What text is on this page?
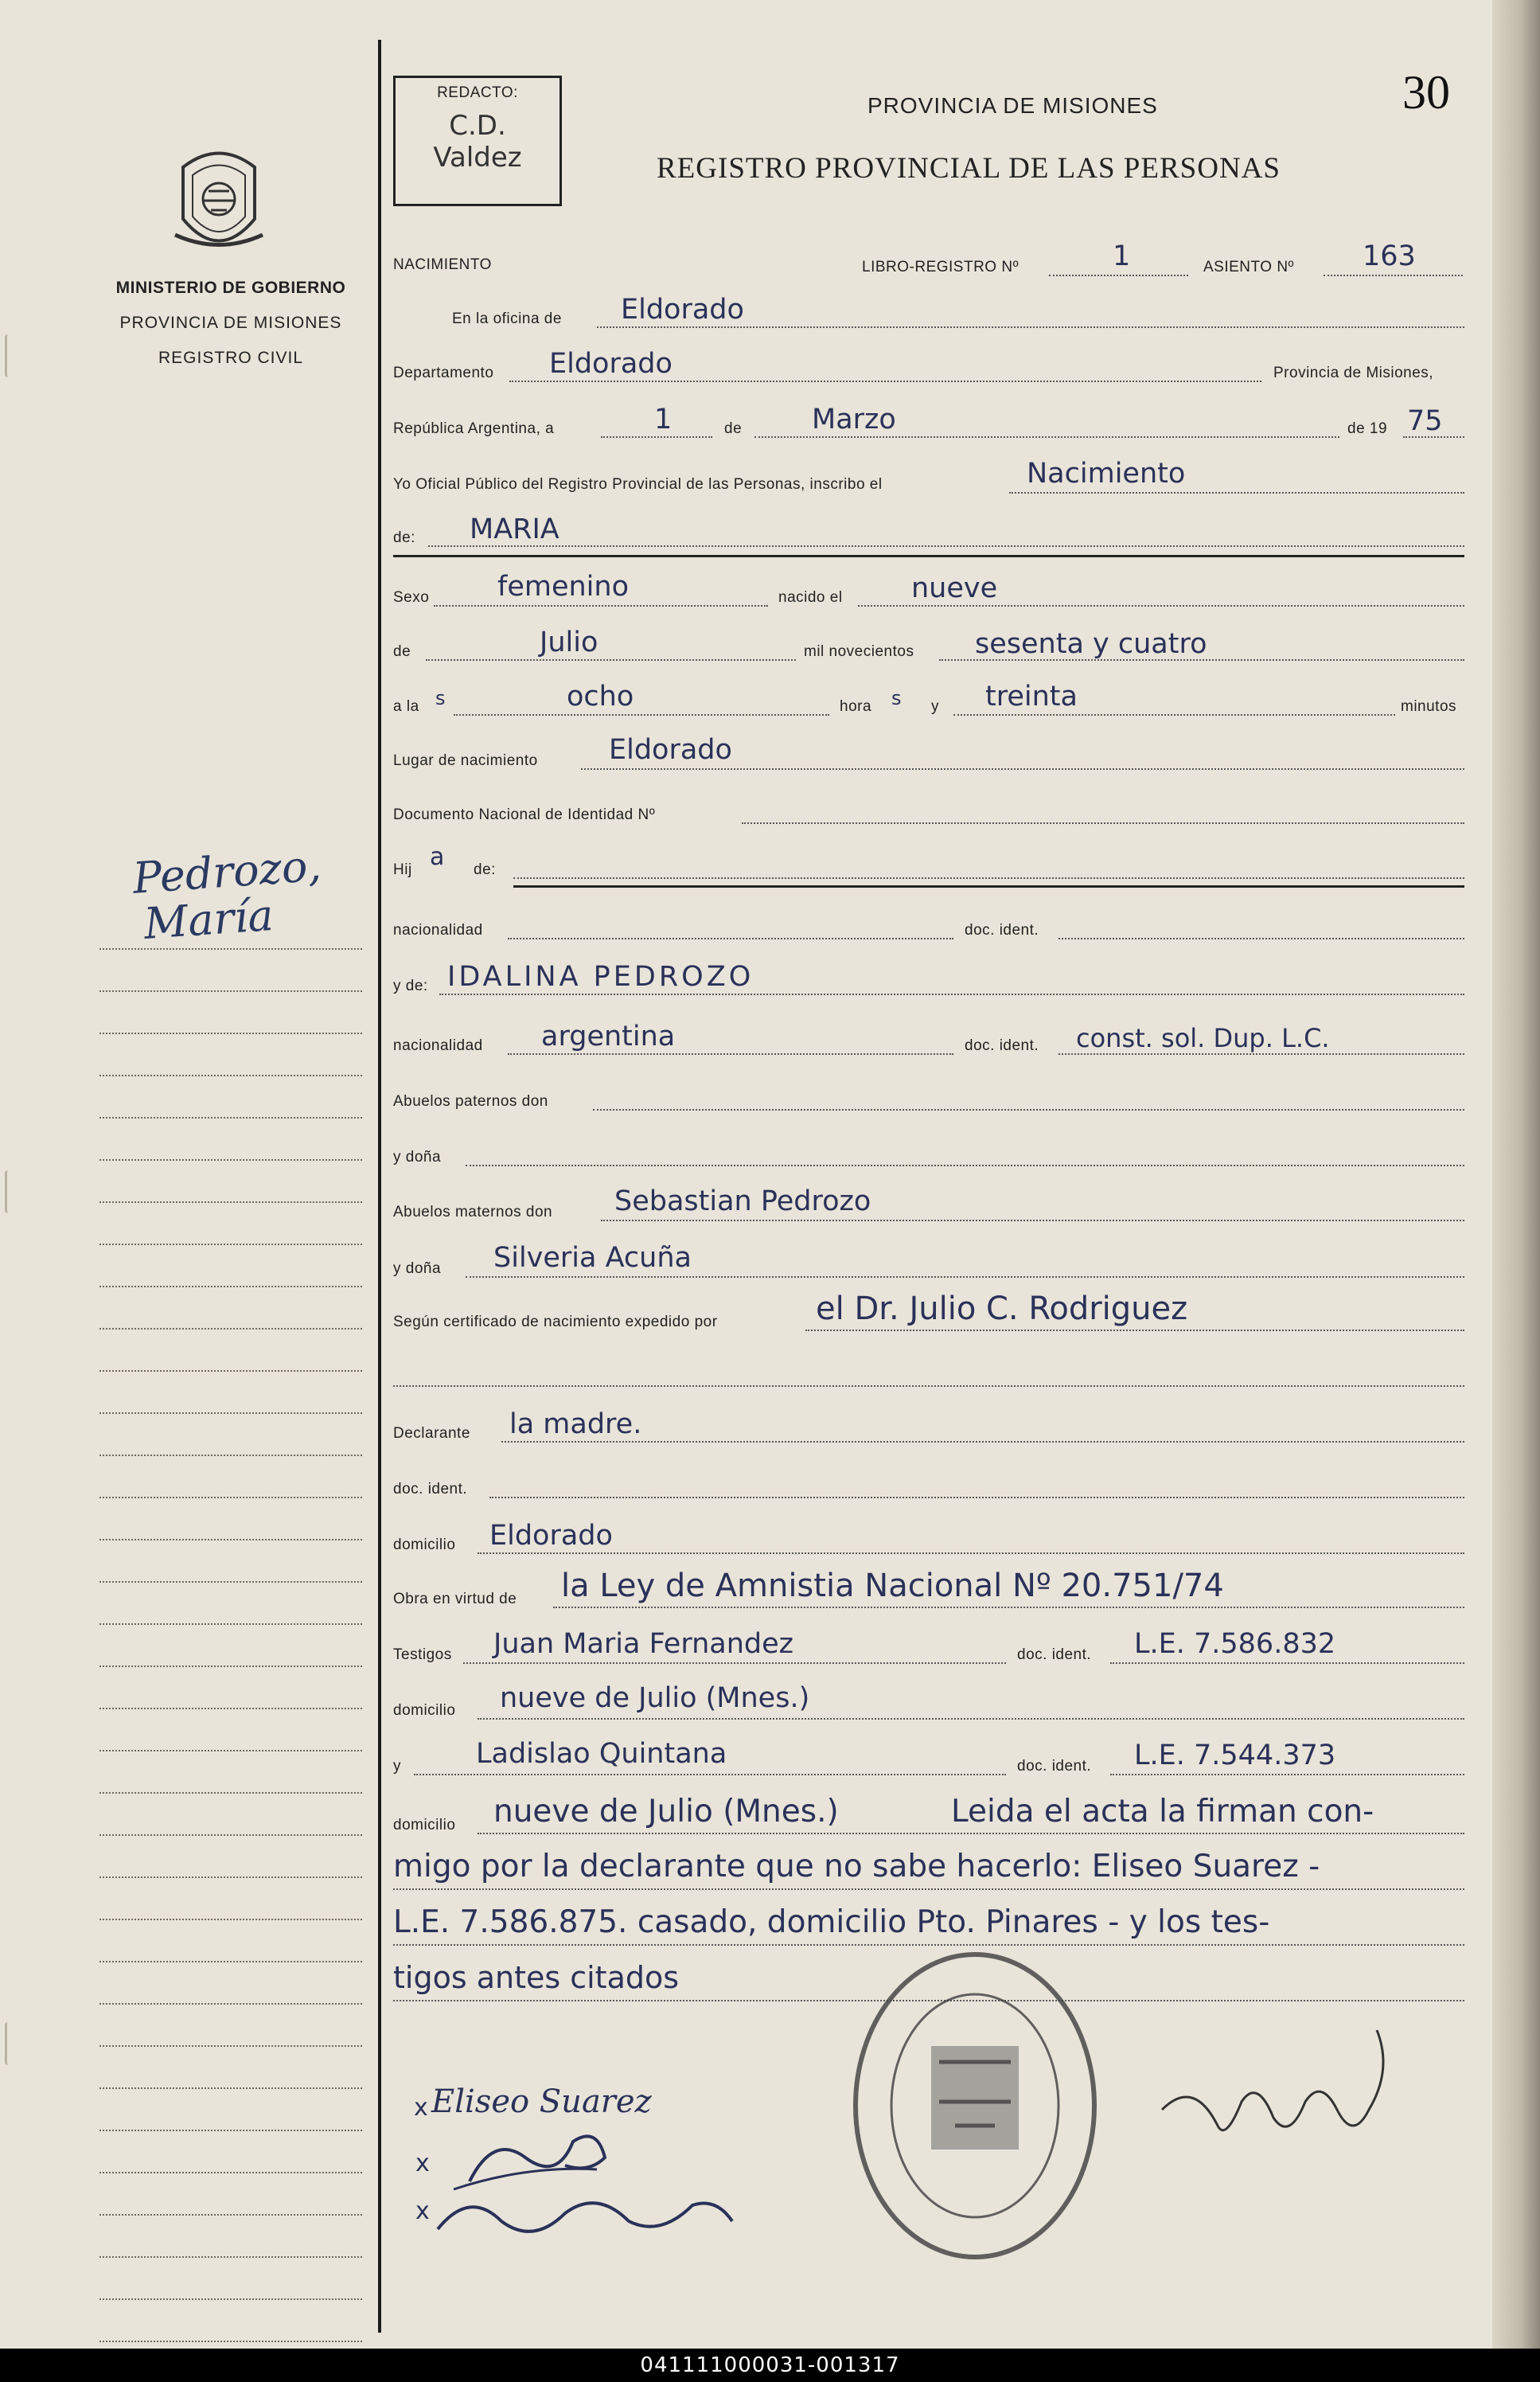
MINISTERIO DE GOBIERNO
PROVINCIA DE MISIONES
REGISTRO CIVIL
Pedrozo,
María
REDACTO:
C.D.
Valdez
30
PROVINCIA DE MISIONES
REGISTRO PROVINCIAL DE LAS PERSONAS
NACIMIENTO	LIBRO-REGISTRO Nº	1	ASIENTO Nº 163
En la oficina de Eldorado
Departamento Eldorado	Provincia de Misiones,
República Argentina, a	1	de	Marzo	de 19 75
Yo Oficial Público del Registro Provincial de las Personas, inscribo el	Nacimiento
de: MARIA
Sexo femenino	nacido el nueve
de	Julio	mil novecientos sesenta y cuatro
a la s	ocho	hora s y treinta	minutos
Lugar de nacimiento	Eldorado
Documento Nacional de Identidad Nº
Hij a de:
nacionalidad	doc. ident.
y de: IDALINA PEDROZO
nacionalidad argentina	doc. ident. const. sol. Dup. L.C.
Abuelos paternos don
y doña
Abuelos maternos don Sebastian Pedrozo
y doña Silveria Acuña
Según certificado de nacimiento expedido por	el Dr. Julio C. Rodriguez
Declarante la madre.
doc. ident.
domicilio Eldorado
Obra en virtud de la Ley de Amnistia Nacional Nº 20.751/74
Testigos Juan Maria Fernandez	doc. ident. L.E. 7.586.832
domicilio nueve de Julio (Mnes.)
y	Ladislao Quintana	doc. ident. L.E. 7.544.373
domicilio nueve de Julio (Mnes.)	Leida el acta la firman con-
migo por la declarante que no sabe hacerlo: Eliseo Suarez -
L.E. 7.586.875. casado, domicilio Pto. Pinares - y los tes-
tigos antes citados
x Eliseo Suarez
x
x
041111000031-001317
